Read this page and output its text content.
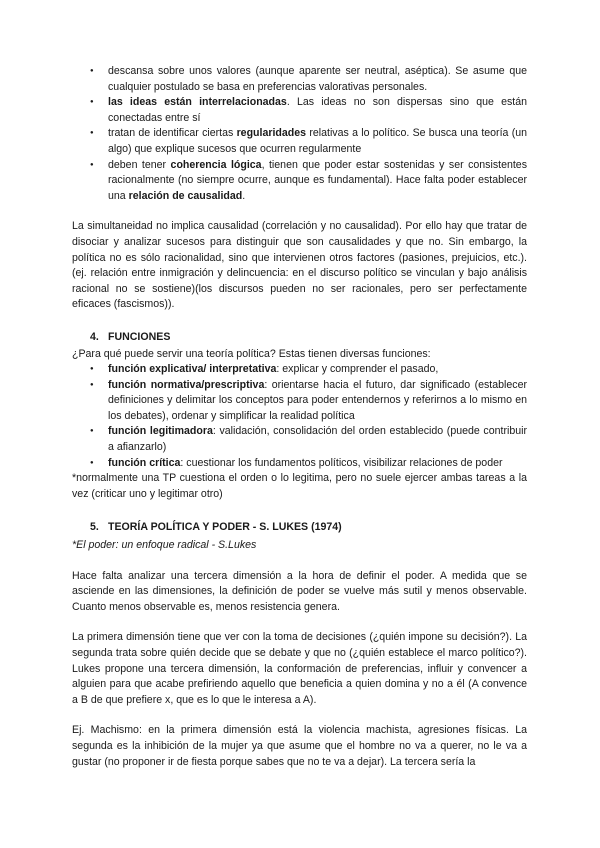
● descansa sobre unos valores (aunque aparente ser neutral, aséptica). Se asume que cualquier postulado se basa en preferencias valorativas personales.
● las ideas están interrelacionadas. Las ideas no son dispersas sino que están conectadas entre sí
● tratan de identificar ciertas regularidades relativas a lo político. Se busca una teoría (un algo) que explique sucesos que ocurren regularmente
● deben tener coherencia lógica, tienen que poder estar sostenidas y ser consistentes racionalmente (no siempre ocurre, aunque es fundamental). Hace falta poder establecer una relación de causalidad.

La simultaneidad no implica causalidad (correlación y no causalidad). Por ello hay que tratar de disociar y analizar sucesos para distinguir que son causalidades y que no. Sin embargo, la política no es sólo racionalidad, sino que intervienen otros factores (pasiones, prejuicios, etc.). (ej. relación entre inmigración y delincuencia: en el discurso político se vinculan y bajo análisis racional no se sostiene)(los discursos pueden no ser racionales, pero ser perfectamente eficaces (fascismos)).

4. FUNCIONES

¿Para qué puede servir una teoría política? Estas tienen diversas funciones:

● función explicativa/ interpretativa: explicar y comprender el pasado,
● función normativa/prescriptiva: orientarse hacia el futuro, dar significado (establecer definiciones y delimitar los conceptos para poder entendernos y referirnos a lo mismo en los debates), ordenar y simplificar la realidad política
● función legitimadora: validación, consolidación del orden establecido (puede contribuir a afianzarlo)
● función crítica: cuestionar los fundamentos políticos, visibilizar relaciones de poder

*normalmente una TP cuestiona el orden o lo legitima, pero no suele ejercer ambas tareas a la vez (criticar uno y legitimar otro)

5. TEORÍA POLÍTICA Y PODER - S. LUKES (1974)

*El poder: un enfoque radical - S.Lukes

Hace falta analizar una tercera dimensión a la hora de definir el poder. A medida que se asciende en las dimensiones, la definición de poder se vuelve más sutil y menos observable. Cuanto menos observable es, menos resistencia genera.

La primera dimensión tiene que ver con la toma de decisiones (¿quién impone su decisión?). La segunda trata sobre quién decide que se debate y que no (¿quién establece el marco político?). Lukes propone una tercera dimensión, la conformación de preferencias, influir y convencer a alguien para que acabe prefiriendo aquello que beneficia a quien domina y no a él (A convence a B de que prefiere x, que es lo que le interesa a A).

Ej. Machismo: en la primera dimensión está la violencia machista, agresiones físicas. La segunda es la inhibición de la mujer ya que asume que el hombre no va a querer, no le va a gustar (no proponer ir de fiesta porque sabes que no te va a dejar). La tercera sería la
